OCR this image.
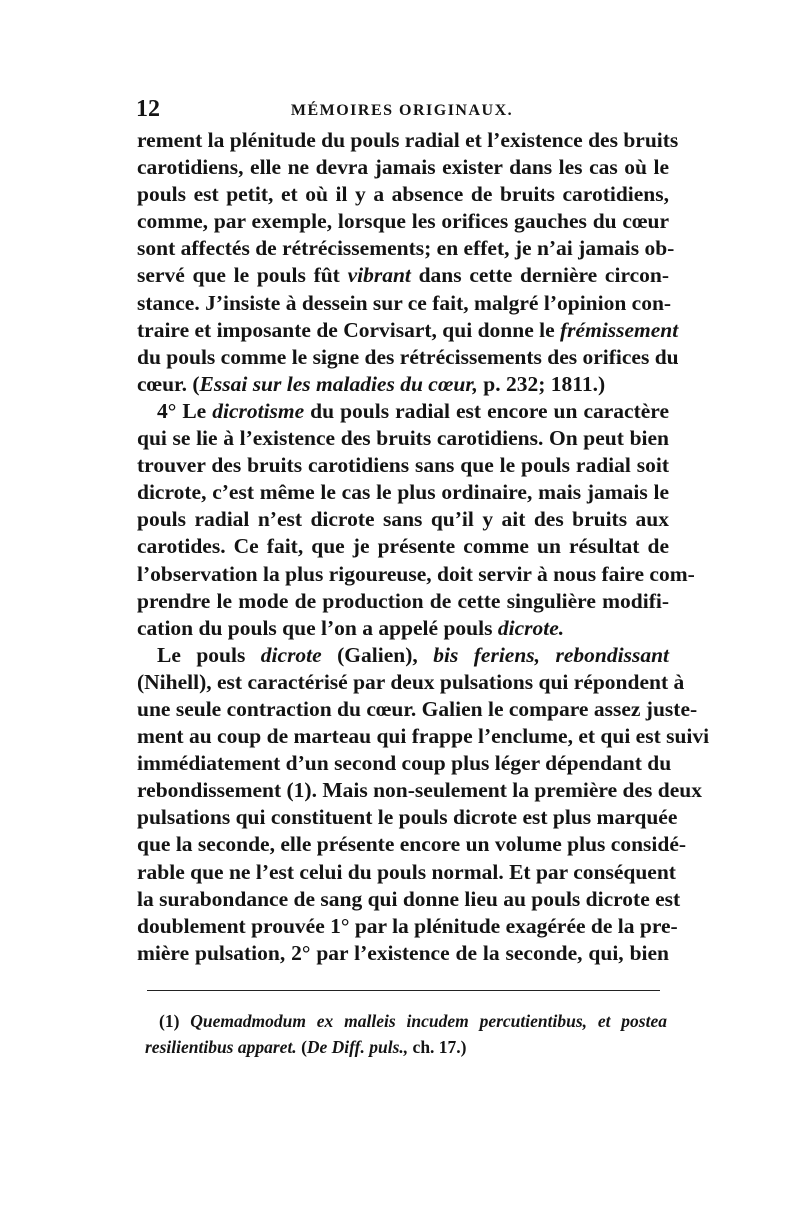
12	MÉMOIRES ORIGINAUX.
rement la plénitude du pouls radial et l’existence des bruits
carotidiens, elle ne devra jamais exister dans les cas où le
pouls est petit, et où il y a absence de bruits carotidiens,
comme, par exemple, lorsque les orifices gauches du cœur
sont affectés de rétrécissements; en effet, je n’ai jamais ob-
servé que le pouls fût vibrant dans cette dernière circon-
stance. J’insiste à dessein sur ce fait, malgré l’opinion con-
traire et imposante de Corvisart, qui donne le frémissement
du pouls comme le signe des rétrécissements des orifices du
cœur. (Essai sur les maladies du cœur, p. 232; 1811.)
4° Le dicrotisme du pouls radial est encore un caractère
qui se lie à l’existence des bruits carotidiens. On peut bien
trouver des bruits carotidiens sans que le pouls radial soit
dicrote, c’est même le cas le plus ordinaire, mais jamais le
pouls radial n’est dicrote sans qu’il y ait des bruits aux
carotides. Ce fait, que je présente comme un résultat de
l’observation la plus rigoureuse, doit servir à nous faire com-
prendre le mode de production de cette singulière modifi-
cation du pouls que l’on a appelé pouls dicrote.
Le pouls dicrote (Galien), bis feriens, rebondissant
(Nihell), est caractérisé par deux pulsations qui répondent à
une seule contraction du cœur. Galien le compare assez juste-
ment au coup de marteau qui frappe l’enclume, et qui est suivi
immédiatement d’un second coup plus léger dépendant du
rebondissement (1). Mais non-seulement la première des deux
pulsations qui constituent le pouls dicrote est plus marquée
que la seconde, elle présente encore un volume plus considé-
rable que ne l’est celui du pouls normal. Et par conséquent
la surabondance de sang qui donne lieu au pouls dicrote est
doublement prouvée 1° par la plénitude exagérée de la pre-
mière pulsation, 2° par l’existence de la seconde, qui, bien
(1) Quemadmodum ex malleis incudem percutientibus, et postea
resilientibus apparet. (De Diff. puls., ch. 17.)
